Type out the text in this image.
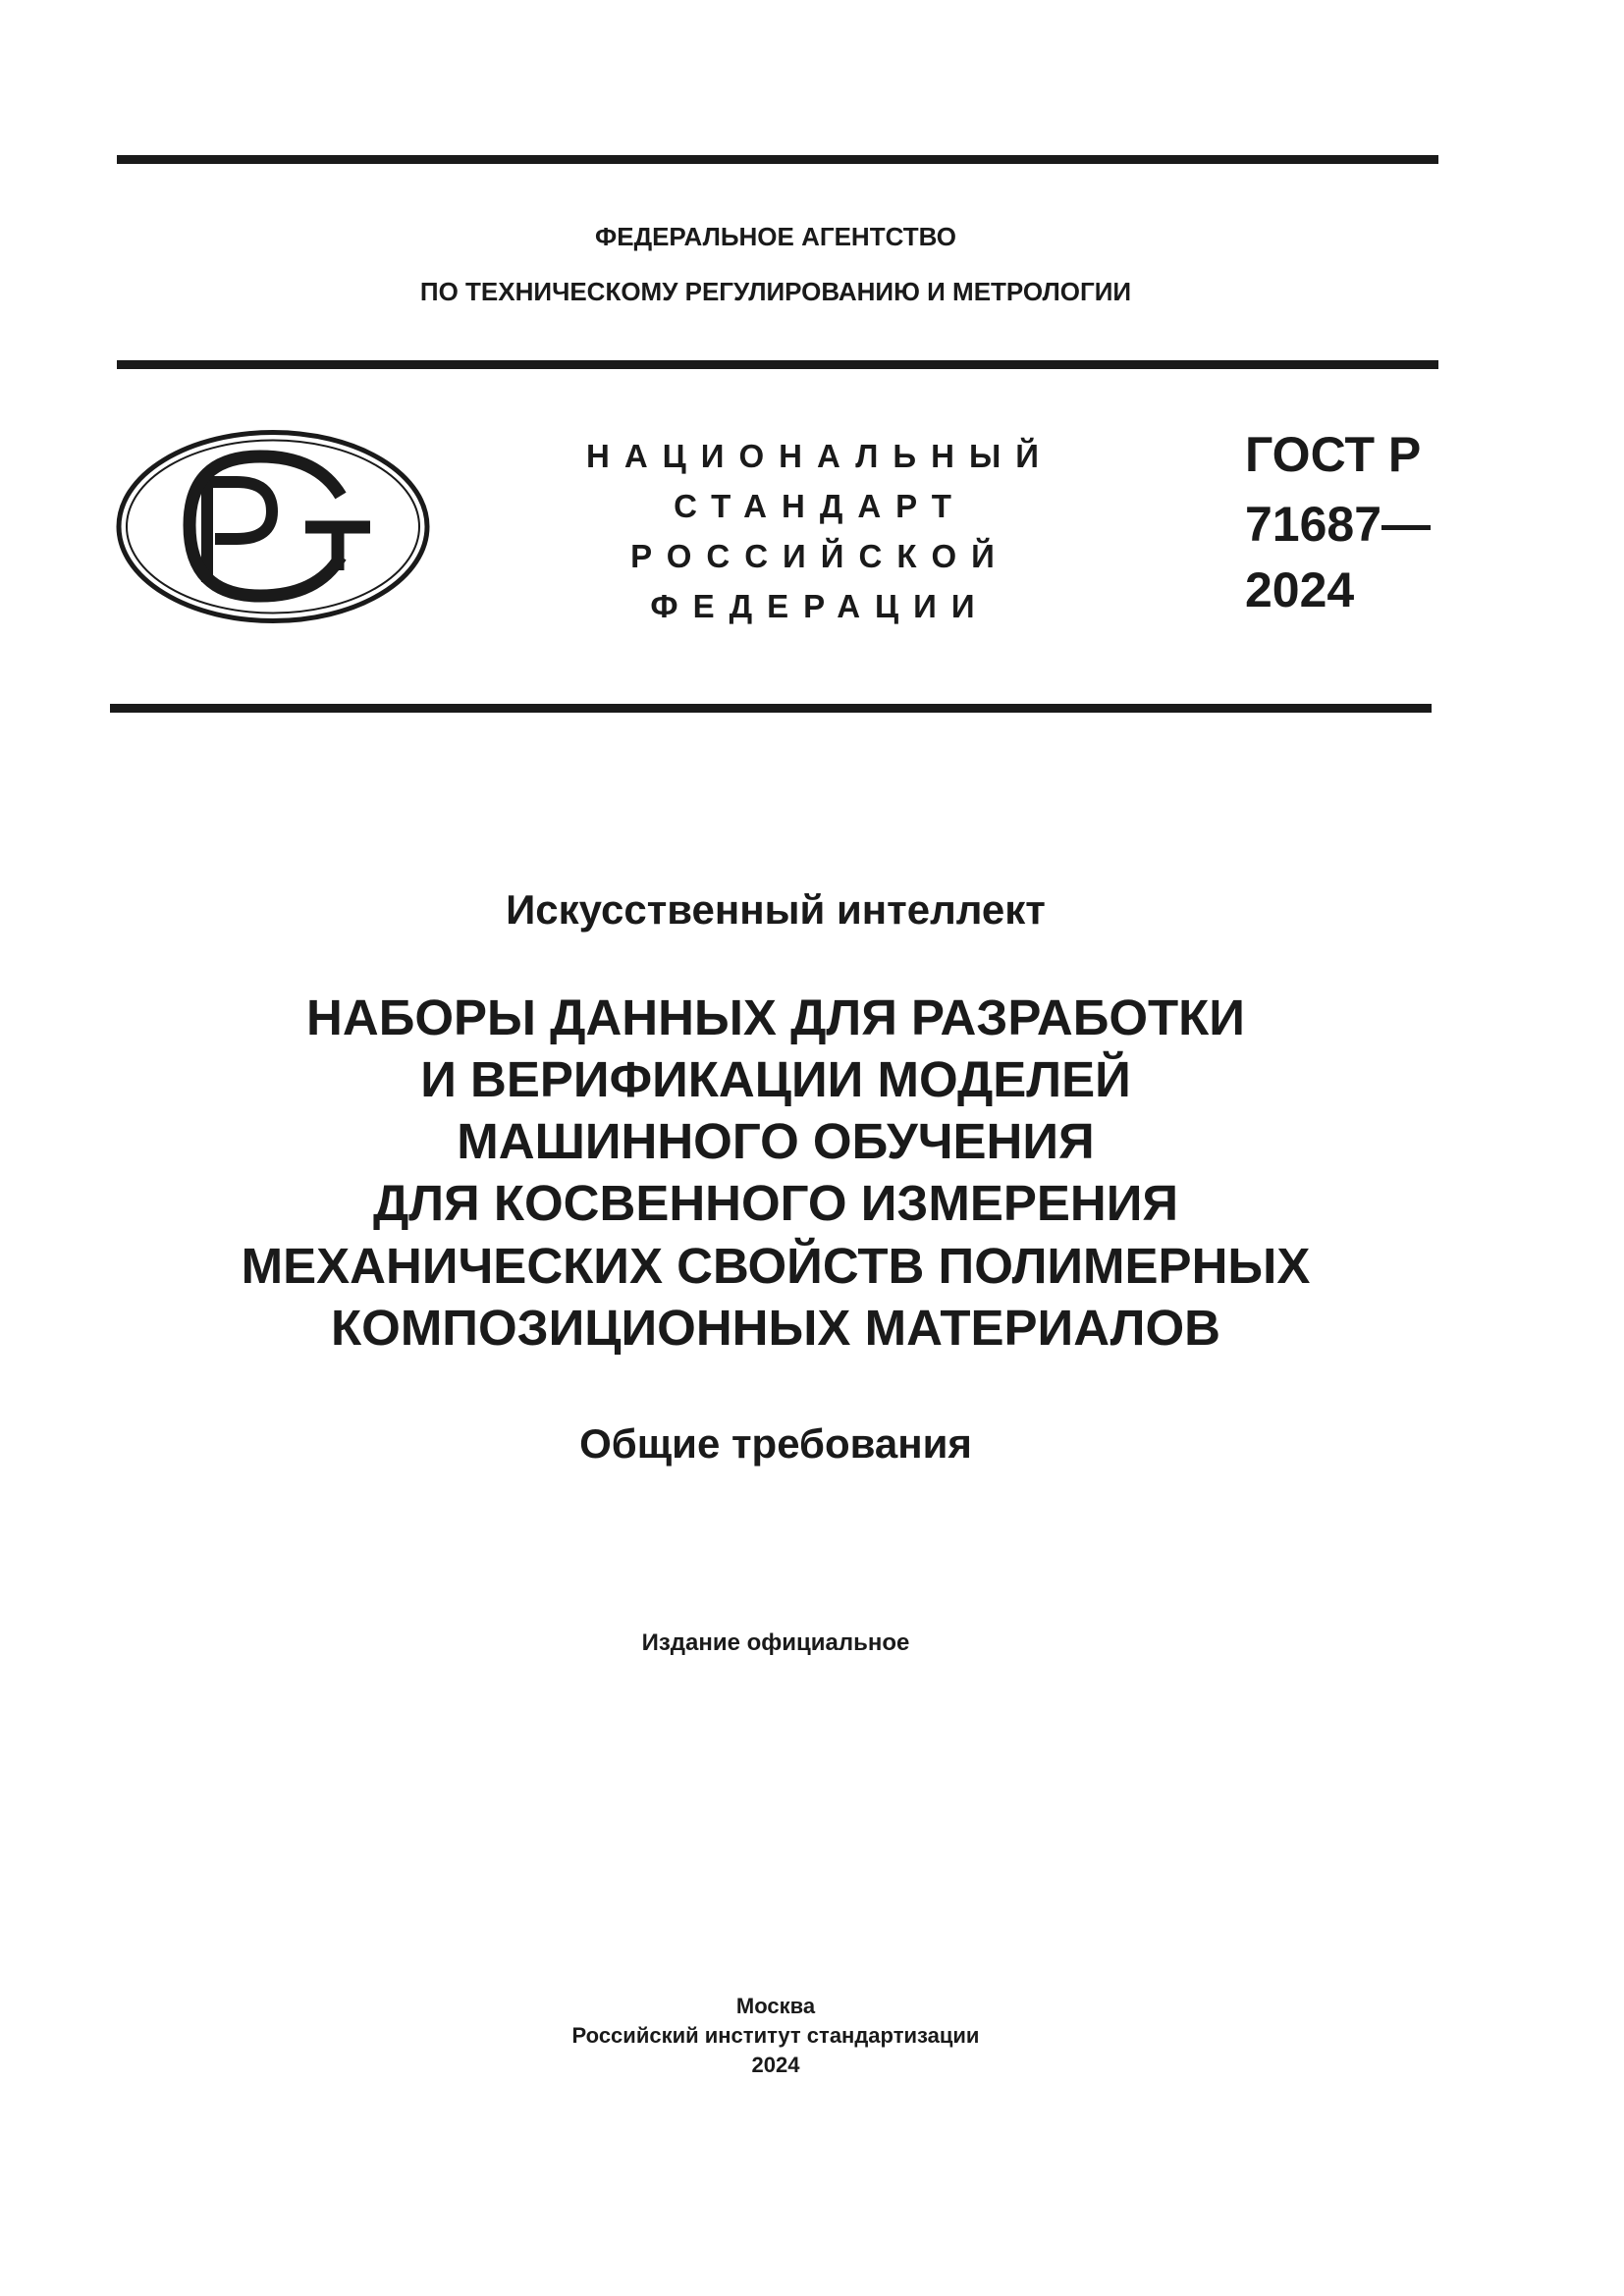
ФЕДЕРАЛЬНОЕ АГЕНТСТВО
ПО ТЕХНИЧЕСКОМУ РЕГУЛИРОВАНИЮ И МЕТРОЛОГИИ
НАЦИОНАЛЬНЫЙ
СТАНДАРТ
РОССИЙСКОЙ
ФЕДЕРАЦИИ
ГОСТ Р
71687—
2024
Искусственный интеллект
НАБОРЫ ДАННЫХ ДЛЯ РАЗРАБОТКИ
И ВЕРИФИКАЦИИ МОДЕЛЕЙ
МАШИННОГО ОБУЧЕНИЯ
ДЛЯ КОСВЕННОГО ИЗМЕРЕНИЯ
МЕХАНИЧЕСКИХ СВОЙСТВ ПОЛИМЕРНЫХ
КОМПОЗИЦИОННЫХ МАТЕРИАЛОВ
Общие требования
Издание официальное
Москва
Российский институт стандартизации
2024
